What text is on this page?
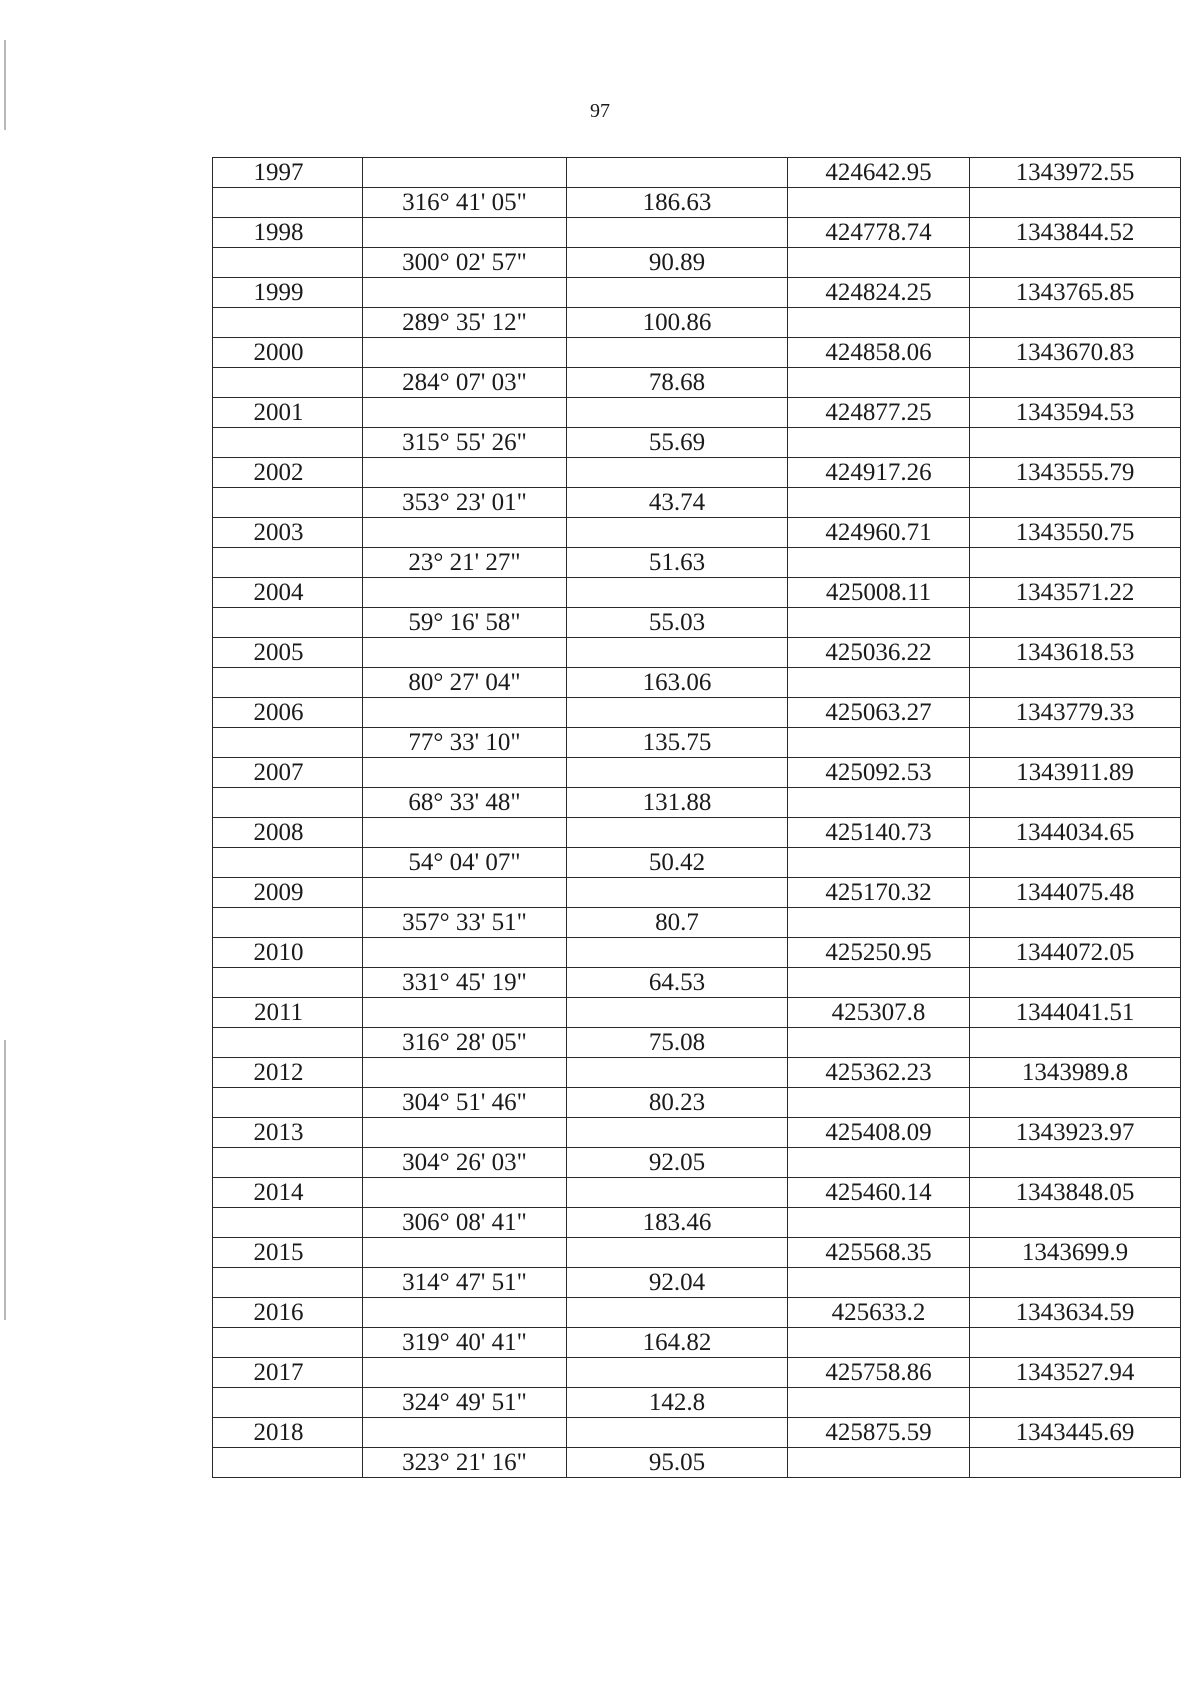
97
1997			424642.95	1343972.55
	316° 41' 05"	186.63		
1998			424778.74	1343844.52
	300° 02' 57"	90.89		
1999			424824.25	1343765.85
	289° 35' 12"	100.86		
2000			424858.06	1343670.83
	284° 07' 03"	78.68		
2001			424877.25	1343594.53
	315° 55' 26"	55.69		
2002			424917.26	1343555.79
	353° 23' 01"	43.74		
2003			424960.71	1343550.75
	23° 21' 27"	51.63		
2004			425008.11	1343571.22
	59° 16' 58"	55.03		
2005			425036.22	1343618.53
	80° 27' 04"	163.06		
2006			425063.27	1343779.33
	77° 33' 10"	135.75		
2007			425092.53	1343911.89
	68° 33' 48"	131.88		
2008			425140.73	1344034.65
	54° 04' 07"	50.42		
2009			425170.32	1344075.48
	357° 33' 51"	80.7		
2010			425250.95	1344072.05
	331° 45' 19"	64.53		
2011			425307.8	1344041.51
	316° 28' 05"	75.08		
2012			425362.23	1343989.8
	304° 51' 46"	80.23		
2013			425408.09	1343923.97
	304° 26' 03"	92.05		
2014			425460.14	1343848.05
	306° 08' 41"	183.46		
2015			425568.35	1343699.9
	314° 47' 51"	92.04		
2016			425633.2	1343634.59
	319° 40' 41"	164.82		
2017			425758.86	1343527.94
	324° 49' 51"	142.8		
2018			425875.59	1343445.69
	323° 21' 16"	95.05		
